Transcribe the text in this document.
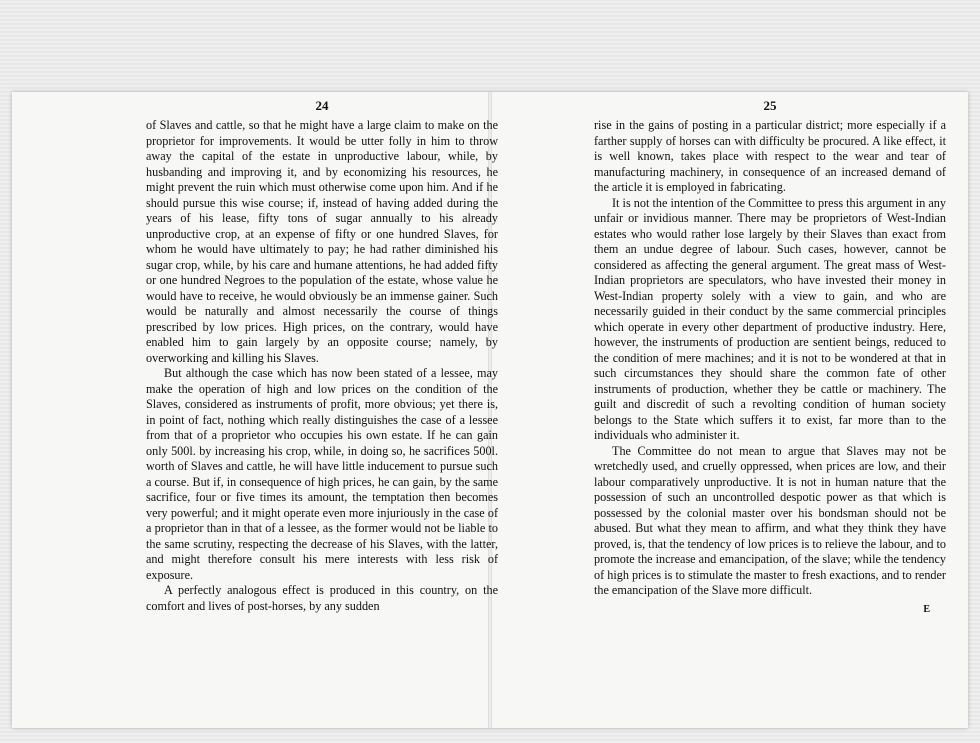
24

of Slaves and cattle, so that he might have a large claim to make on the proprietor for improvements. It would be utter folly in him to throw away the capital of the estate in unproductive labour, while, by husbanding and improving it, and by economizing his resources, he might prevent the ruin which must otherwise come upon him. And if he should pursue this wise course; if, instead of having added during the years of his lease, fifty tons of sugar annually to his already unproductive crop, at an expense of fifty or one hundred Slaves, for whom he would have ultimately to pay; he had rather diminished his sugar crop, while, by his care and humane attentions, he had added fifty or one hundred Negroes to the population of the estate, whose value he would have to receive, he would obviously be an immense gainer. Such would be naturally and almost necessarily the course of things prescribed by low prices. High prices, on the contrary, would have enabled him to gain largely by an opposite course; namely, by overworking and killing his Slaves.

But although the case which has now been stated of a lessee, may make the operation of high and low prices on the condition of the Slaves, considered as instruments of profit, more obvious; yet there is, in point of fact, nothing which really distinguishes the case of a lessee from that of a proprietor who occupies his own estate. If he can gain only 500l. by increasing his crop, while, in doing so, he sacrifices 500l. worth of Slaves and cattle, he will have little inducement to pursue such a course. But if, in consequence of high prices, he can gain, by the same sacrifice, four or five times its amount, the temptation then becomes very powerful; and it might operate even more injuriously in the case of a proprietor than in that of a lessee, as the former would not be liable to the same scrutiny, respecting the decrease of his Slaves, with the latter, and might therefore consult his mere interests with less risk of exposure.

A perfectly analogous effect is produced in this country, on the comfort and lives of post-horses, by any sudden

25

rise in the gains of posting in a particular district; more especially if a farther supply of horses can with difficulty be procured. A like effect, it is well known, takes place with respect to the wear and tear of manufacturing machinery, in consequence of an increased demand of the article it is employed in fabricating.

It is not the intention of the Committee to press this argument in any unfair or invidious manner. There may be proprietors of West-Indian estates who would rather lose largely by their Slaves than exact from them an undue degree of labour. Such cases, however, cannot be considered as affecting the general argument. The great mass of West-Indian proprietors are speculators, who have invested their money in West-Indian property solely with a view to gain, and who are necessarily guided in their conduct by the same commercial principles which operate in every other department of productive industry. Here, however, the instruments of production are sentient beings, reduced to the condition of mere machines; and it is not to be wondered at that in such circumstances they should share the common fate of other instruments of production, whether they be cattle or machinery. The guilt and discredit of such a revolting condition of human society belongs to the State which suffers it to exist, far more than to the individuals who administer it.

The Committee do not mean to argue that Slaves may not be wretchedly used, and cruelly oppressed, when prices are low, and their labour comparatively unproductive. It is not in human nature that the possession of such an uncontrolled despotic power as that which is possessed by the colonial master over his bondsman should not be abused. But what they mean to affirm, and what they think they have proved, is, that the tendency of low prices is to relieve the labour, and to promote the increase and emancipation, of the slave; while the tendency of high prices is to stimulate the master to fresh exactions, and to render the emancipation of the Slave more difficult.

E
